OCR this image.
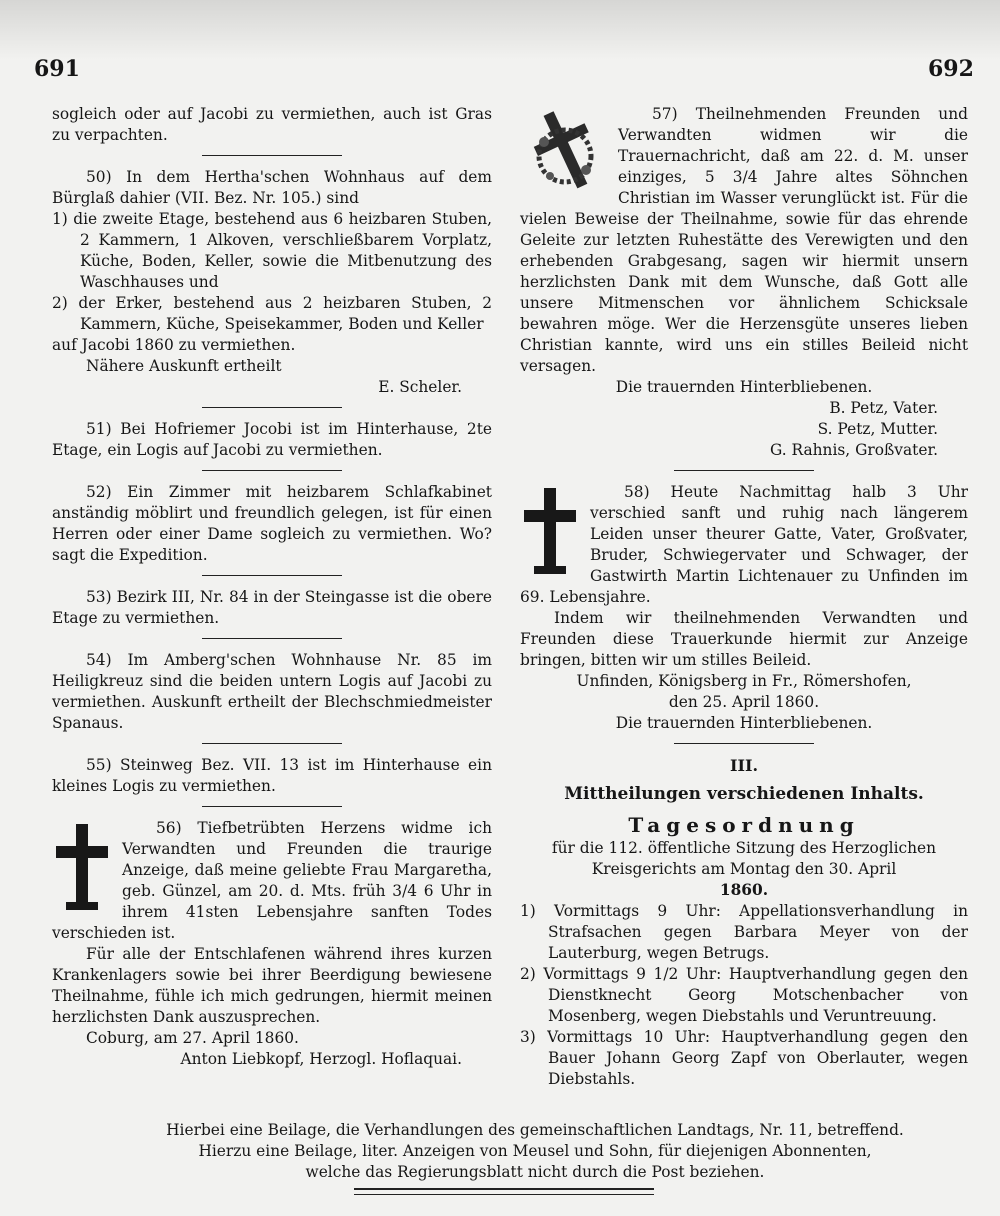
691	692

sogleich oder auf Jacobi zu vermiethen, auch ist Gras zu verpachten.

50) In dem Hertha'schen Wohnhaus auf dem Bürglaß dahier (VII. Bez. Nr. 105.) sind

1) die zweite Etage, bestehend aus 6 heizbaren Stuben, 2 Kammern, 1 Alkoven, verschließbarem Vorplatz, Küche, Boden, Keller, sowie die Mitbenutzung des Waschhauses und

2) der Erker, bestehend aus 2 heizbaren Stuben, 2 Kammern, Küche, Speisekammer, Boden und Keller

auf Jacobi 1860 zu vermiethen.

Nähere Auskunft ertheilt

E. Scheler.

51) Bei Hofriemer Jocobi ist im Hinterhause, 2te Etage, ein Logis auf Jacobi zu vermiethen.

52) Ein Zimmer mit heizbarem Schlafkabinet anständig möblirt und freundlich gelegen, ist für einen Herren oder einer Dame sogleich zu vermiethen. Wo? sagt die Expedition.

53) Bezirk III, Nr. 84 in der Steingasse ist die obere Etage zu vermiethen.

54) Im Amberg'schen Wohnhause Nr. 85 im Heiligkreuz sind die beiden untern Logis auf Jacobi zu vermiethen. Auskunft ertheilt der Blechschmiedmeister Spanaus.

55) Steinweg Bez. VII. 13 ist im Hinterhause ein kleines Logis zu vermiethen.

56) Tiefbetrübten Herzens widme ich Verwandten und Freunden die traurige Anzeige, daß meine geliebte Frau Margaretha, geb. Günzel, am 20. d. Mts. früh 3/4 6 Uhr in ihrem 41sten Lebensjahre sanften Todes verschieden ist.

Für alle der Entschlafenen während ihres kurzen Krankenlagers sowie bei ihrer Beerdigung bewiesene Theilnahme, fühle ich mich gedrungen, hiermit meinen herzlichsten Dank auszusprechen.

Coburg, am 27. April 1860.

Anton Liebkopf, Herzogl. Hoflaquai.

57) Theilnehmenden Freunden und Verwandten widmen wir die Trauernachricht, daß am 22. d. M. unser einziges, 5 3/4 Jahre altes Söhnchen Christian im Wasser verunglückt ist. Für die vielen Beweise der Theilnahme, sowie für das ehrende Geleite zur letzten Ruhestätte des Verewigten und den erhebenden Grabgesang, sagen wir hiermit unsern herzlichsten Dank mit dem Wunsche, daß Gott alle unsere Mitmenschen vor ähnlichem Schicksale bewahren möge. Wer die Herzensgüte unseres lieben Christian kannte, wird uns ein stilles Beileid nicht versagen.

Die trauernden Hinterbliebenen.

B. Petz, Vater.

S. Petz, Mutter.

G. Rahnis, Großvater.

58) Heute Nachmittag halb 3 Uhr verschied sanft und ruhig nach längerem Leiden unser theurer Gatte, Vater, Großvater, Bruder, Schwiegervater und Schwager, der Gastwirth Martin Lichtenauer zu Unfinden im 69. Lebensjahre.

Indem wir theilnehmenden Verwandten und Freunden diese Trauerkunde hiermit zur Anzeige bringen, bitten wir um stilles Beileid.

Unfinden, Königsberg in Fr., Römershofen,

den 25. April 1860.

Die trauernden Hinterbliebenen.

III.
Mittheilungen verschiedenen Inhalts.
Tagesordnung

für die 112. öffentliche Sitzung des Herzoglichen Kreisgerichts am Montag den 30. April

1860.

1) Vormittags 9 Uhr: Appellationsverhandlung in Strafsachen gegen Barbara Meyer von der Lauterburg, wegen Betrugs.

2) Vormittags 9 1/2 Uhr: Hauptverhandlung gegen den Dienstknecht Georg Motschenbacher von Mosenberg, wegen Diebstahls und Veruntreuung.

3) Vormittags 10 Uhr: Hauptverhandlung gegen den Bauer Johann Georg Zapf von Oberlauter, wegen Diebstahls.

Hierbei eine Beilage, die Verhandlungen des gemeinschaftlichen Landtags, Nr. 11, betreffend.
Hierzu eine Beilage, liter. Anzeigen von Meusel und Sohn, für diejenigen Abonnenten,
welche das Regierungsblatt nicht durch die Post beziehen.
